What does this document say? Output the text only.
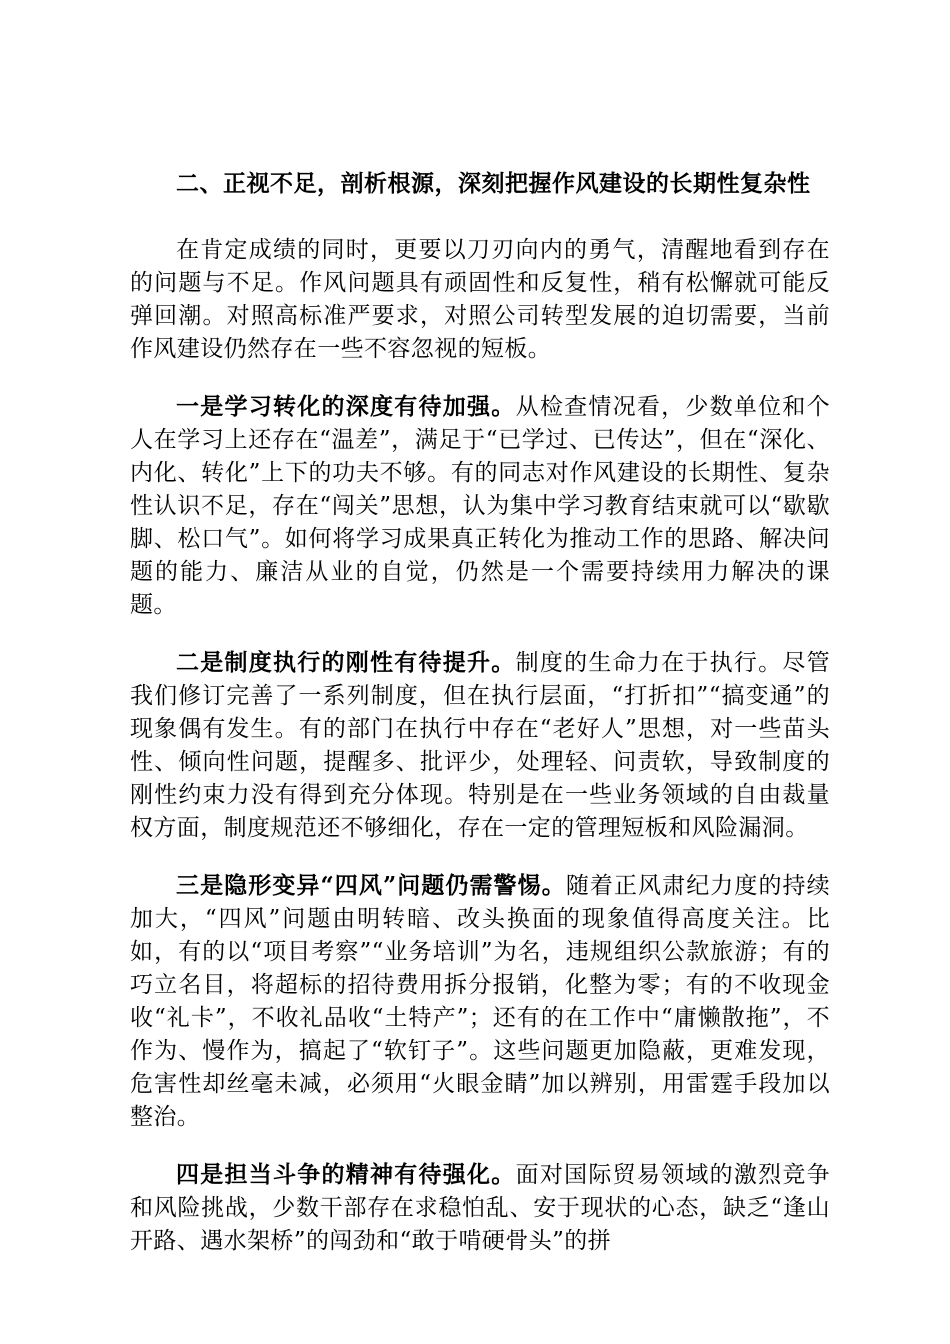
二、正视不足，剖析根源，深刻把握作风建设的长期性复杂性

在肯定成绩的同时，更要以刀刃向内的勇气，清醒地看到存在的问题与不足。作风问题具有顽固性和反复性，稍有松懈就可能反弹回潮。对照高标准严要求，对照公司转型发展的迫切需要，当前作风建设仍然存在一些不容忽视的短板。

一是学习转化的深度有待加强。从检查情况看，少数单位和个人在学习上还存在“温差”，满足于“已学过、已传达”，但在“深化、内化、转化”上下的功夫不够。有的同志对作风建设的长期性、复杂性认识不足，存在“闯关”思想，认为集中学习教育结束就可以“歇歇脚、松口气”。如何将学习成果真正转化为推动工作的思路、解决问题的能力、廉洁从业的自觉，仍然是一个需要持续用力解决的课题。

二是制度执行的刚性有待提升。制度的生命力在于执行。尽管我们修订完善了一系列制度，但在执行层面，“打折扣”“搞变通”的现象偶有发生。有的部门在执行中存在“老好人”思想，对一些苗头性、倾向性问题，提醒多、批评少，处理轻、问责软，导致制度的刚性约束力没有得到充分体现。特别是在一些业务领域的自由裁量权方面，制度规范还不够细化，存在一定的管理短板和风险漏洞。

三是隐形变异“四风”问题仍需警惕。随着正风肃纪力度的持续加大，“四风”问题由明转暗、改头换面的现象值得高度关注。比如，有的以“项目考察”“业务培训”为名，违规组织公款旅游；有的巧立名目，将超标的招待费用拆分报销，化整为零；有的不收现金收“礼卡”，不收礼品收“土特产”；还有的在工作中“庸懒散拖”，不作为、慢作为，搞起了“软钉子”。这些问题更加隐蔽，更难发现，危害性却丝毫未减，必须用“火眼金睛”加以辨别，用雷霆手段加以整治。

四是担当斗争的精神有待强化。面对国际贸易领域的激烈竞争和风险挑战，少数干部存在求稳怕乱、安于现状的心态，缺乏“逢山开路、遇水架桥”的闯劲和“敢于啃硬骨头”的拼
